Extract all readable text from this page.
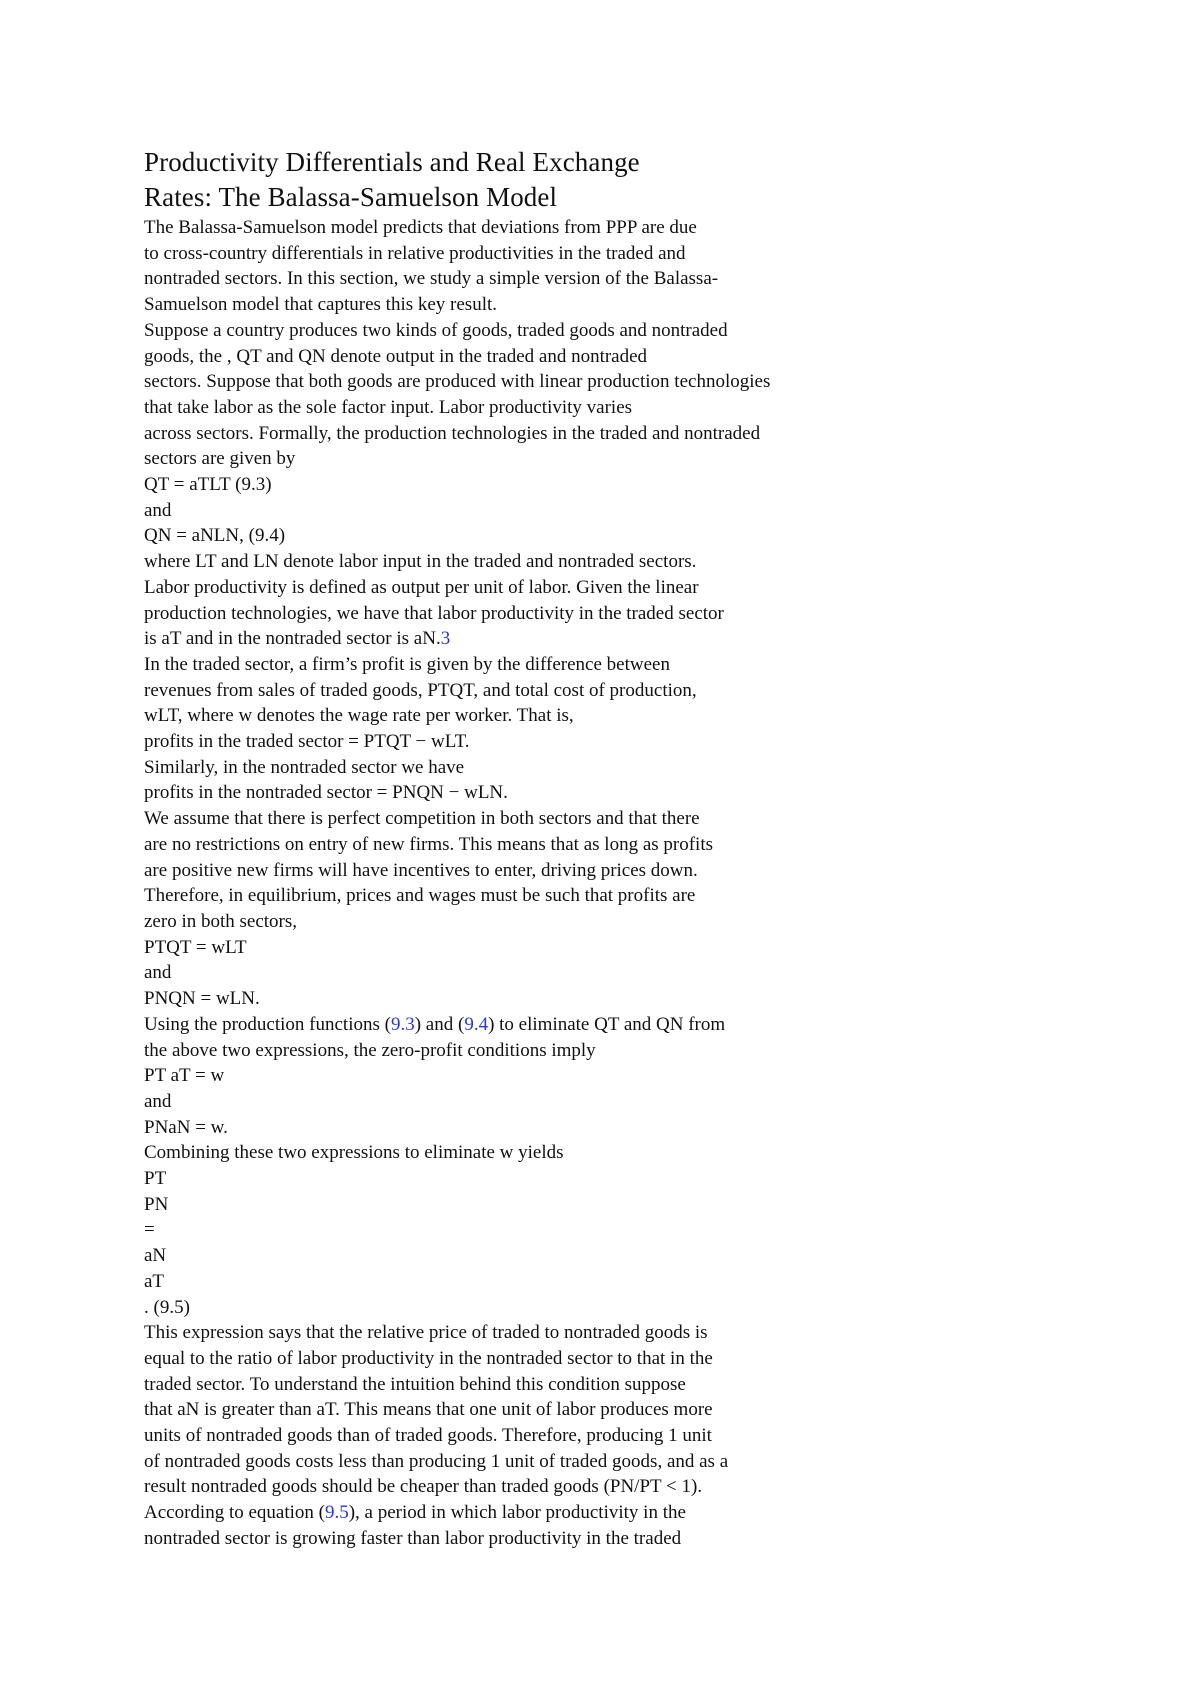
Productivity Differentials and Real Exchange
Rates: The Balassa-Samuelson Model
The Balassa-Samuelson model predicts that deviations from PPP are due
to cross-country differentials in relative productivities in the traded and
nontraded sectors. In this section, we study a simple version of the Balassa-
Samuelson model that captures this key result.
Suppose a country produces two kinds of goods, traded goods and nontraded
goods, the , QT and QN denote output in the traded and nontraded
sectors. Suppose that both goods are produced with linear production technologies
that take labor as the sole factor input. Labor productivity varies
across sectors. Formally, the production technologies in the traded and nontraded
sectors are given by
QT = aTLT (9.3)
and
QN = aNLN, (9.4)
where LT and LN denote labor input in the traded and nontraded sectors.
Labor productivity is defined as output per unit of labor. Given the linear
production technologies, we have that labor productivity in the traded sector
is aT and in the nontraded sector is aN.3
In the traded sector, a firm’s profit is given by the difference between
revenues from sales of traded goods, PTQT, and total cost of production,
wLT, where w denotes the wage rate per worker. That is,
profits in the traded sector = PTQT − wLT.
Similarly, in the nontraded sector we have
profits in the nontraded sector = PNQN − wLN.
We assume that there is perfect competition in both sectors and that there
are no restrictions on entry of new firms. This means that as long as profits
are positive new firms will have incentives to enter, driving prices down.
Therefore, in equilibrium, prices and wages must be such that profits are
zero in both sectors,
PTQT = wLT
and
PNQN = wLN.
Using the production functions (9.3) and (9.4) to eliminate QT and QN from
the above two expressions, the zero-profit conditions imply
PT aT = w
and
PNaN = w.
Combining these two expressions to eliminate w yields
PT
PN
=
aN
aT
. (9.5)
This expression says that the relative price of traded to nontraded goods is
equal to the ratio of labor productivity in the nontraded sector to that in the
traded sector. To understand the intuition behind this condition suppose
that aN is greater than aT. This means that one unit of labor produces more
units of nontraded goods than of traded goods. Therefore, producing 1 unit
of nontraded goods costs less than producing 1 unit of traded goods, and as a
result nontraded goods should be cheaper than traded goods (PN/PT < 1).
According to equation (9.5), a period in which labor productivity in the
nontraded sector is growing faster than labor productivity in the traded
